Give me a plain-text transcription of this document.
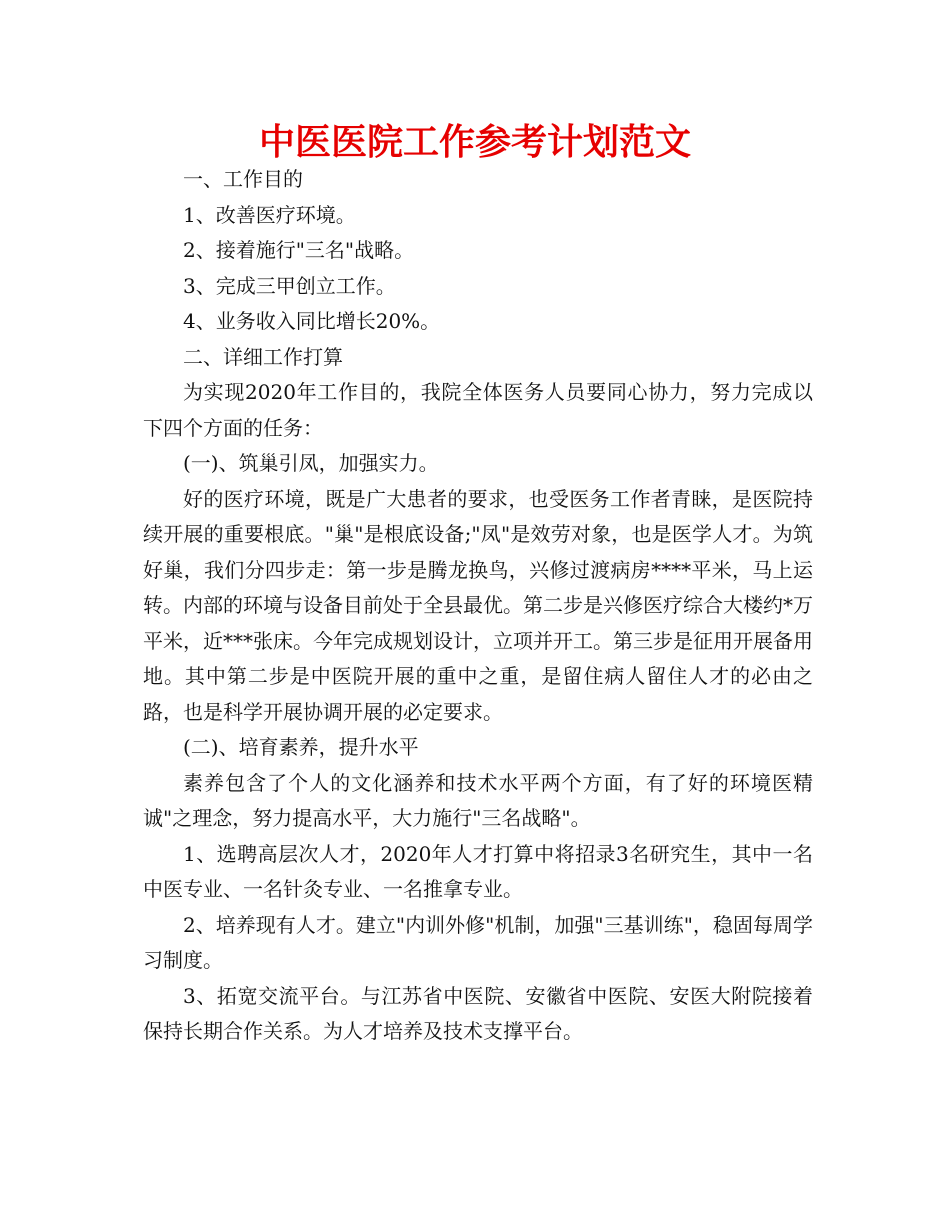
中医医院工作参考计划范文

一、工作目的

1、改善医疗环境。

2、接着施行"三名"战略。

3、完成三甲创立工作。

4、业务收入同比增长20%。

二、详细工作打算

为实现2020年工作目的，我院全体医务人员要同心协力，努力完成以下四个方面的任务：

(一)、筑巢引凤，加强实力。

好的医疗环境，既是广大患者的要求，也受医务工作者青睐，是医院持续开展的重要根底。"巢"是根底设备;"凤"是效劳对象，也是医学人才。为筑好巢，我们分四步走：第一步是腾龙换鸟，兴修过渡病房****平米，马上运转。内部的环境与设备目前处于全县最优。第二步是兴修医疗综合大楼约*万平米，近***张床。今年完成规划设计，立项并开工。第三步是征用开展备用地。其中第二步是中医院开展的重中之重，是留住病人留住人才的必由之路，也是科学开展协调开展的必定要求。

(二)、培育素养，提升水平

素养包含了个人的文化涵养和技术水平两个方面，有了好的环境医精诚"之理念，努力提高水平，大力施行"三名战略"。

1、选聘高层次人才，2020年人才打算中将招录3名研究生，其中一名中医专业、一名针灸专业、一名推拿专业。

2、培养现有人才。建立"内训外修"机制，加强"三基训练"，稳固每周学习制度。

3、拓宽交流平台。与江苏省中医院、安徽省中医院、安医大附院接着保持长期合作关系。为人才培养及技术支撑平台。
